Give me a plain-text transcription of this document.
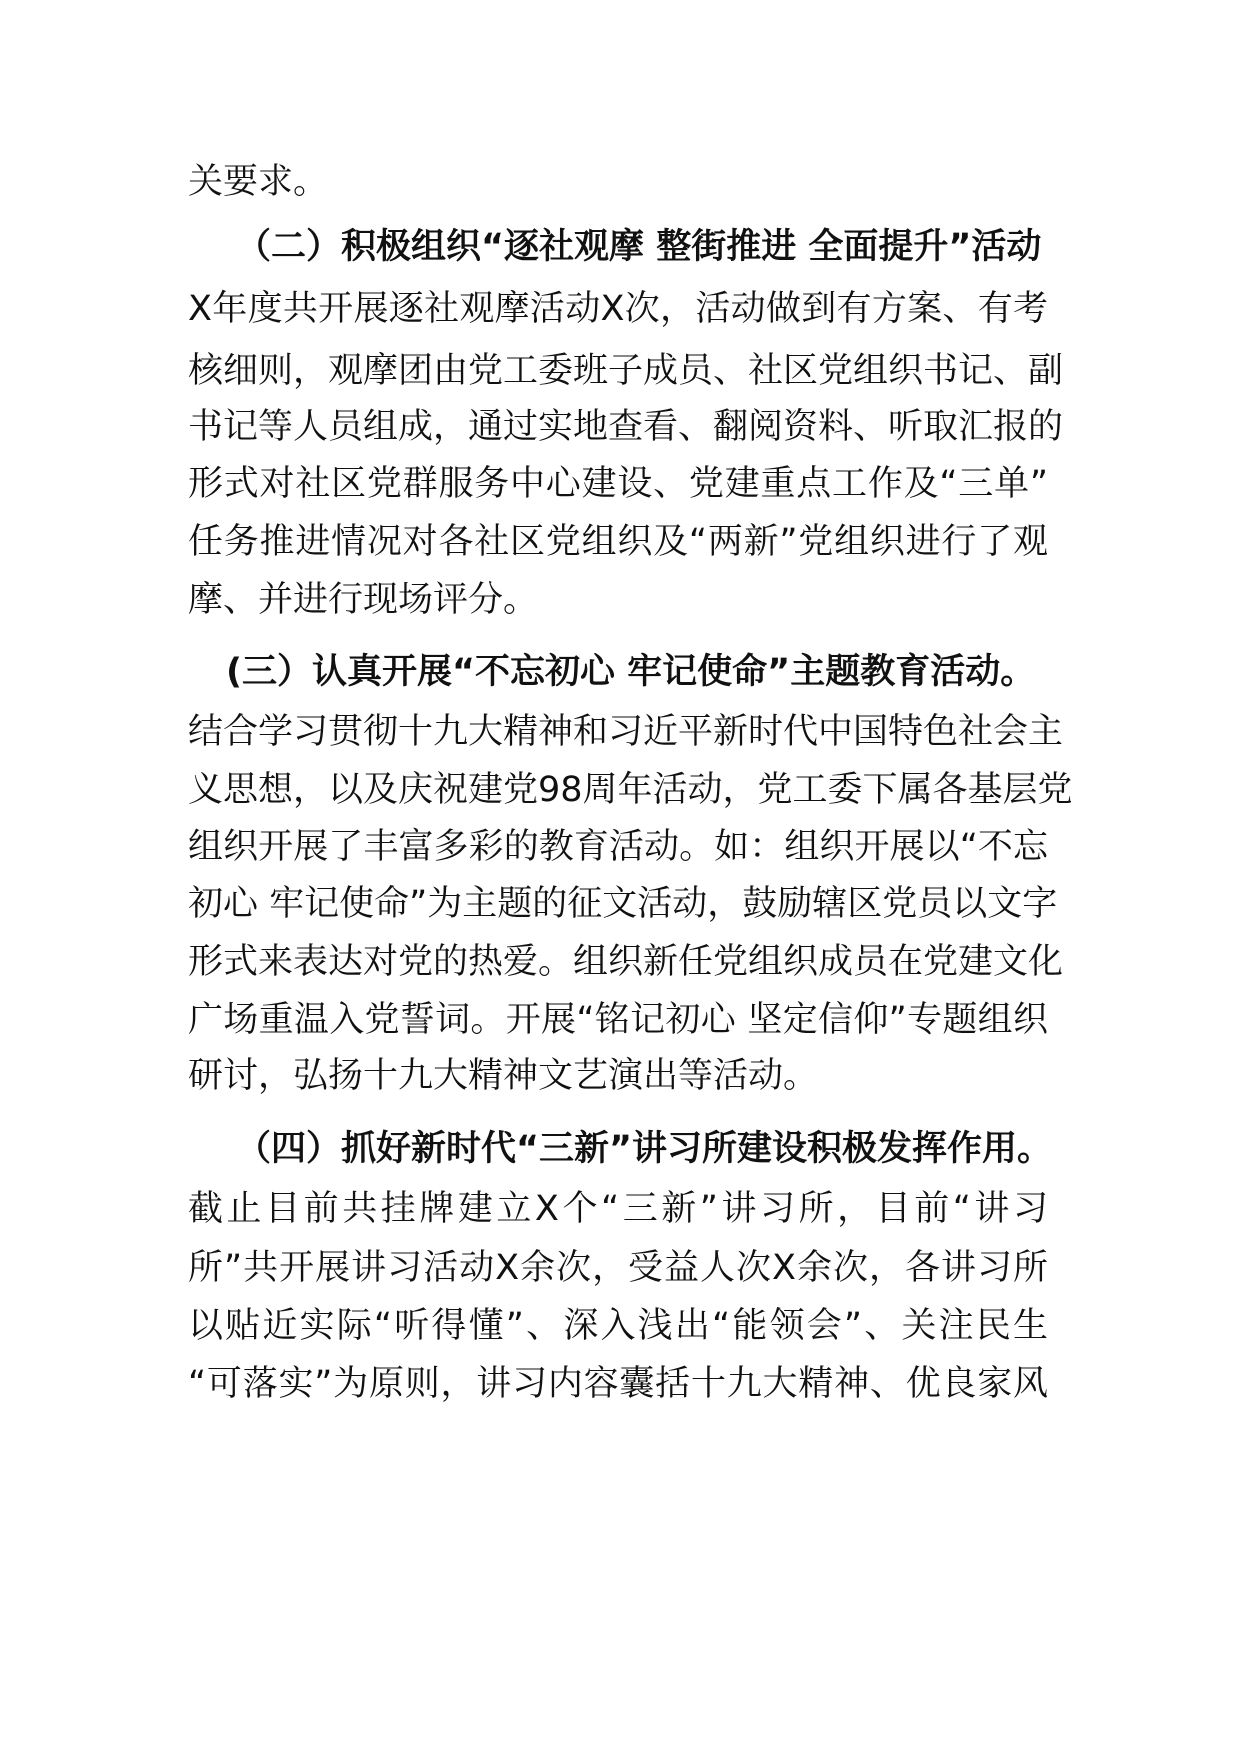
关要求。
（二）积极组织“逐社观摩 整街推进 全面提升”活动
X年度共开展逐社观摩活动X次，活动做到有方案、有考
核细则，观摩团由党工委班子成员、社区党组织书记、副
书记等人员组成，通过实地查看、翻阅资料、听取汇报的
形式对社区党群服务中心建设、党建重点工作及“三单”
任务推进情况对各社区党组织及“两新”党组织进行了观
摩、并进行现场评分。
(三）认真开展“不忘初心 牢记使命”主题教育活动。
结合学习贯彻十九大精神和习近平新时代中国特色社会主
义思想，以及庆祝建党98周年活动，党工委下属各基层党
组织开展了丰富多彩的教育活动。如：组织开展以“不忘
初心 牢记使命”为主题的征文活动，鼓励辖区党员以文字
形式来表达对党的热爱。组织新任党组织成员在党建文化
广场重温入党誓词。开展“铭记初心 坚定信仰”专题组织
研讨，弘扬十九大精神文艺演出等活动。
（四）抓好新时代“三新”讲习所建设积极发挥作用。
截止目前共挂牌建立X个“三新”讲习所，目前“讲习
所”共开展讲习活动X余次，受益人次X余次，各讲习所
以贴近实际“听得懂”、深入浅出“能领会”、关注民生
“可落实”为原则，讲习内容囊括十九大精神、优良家风
